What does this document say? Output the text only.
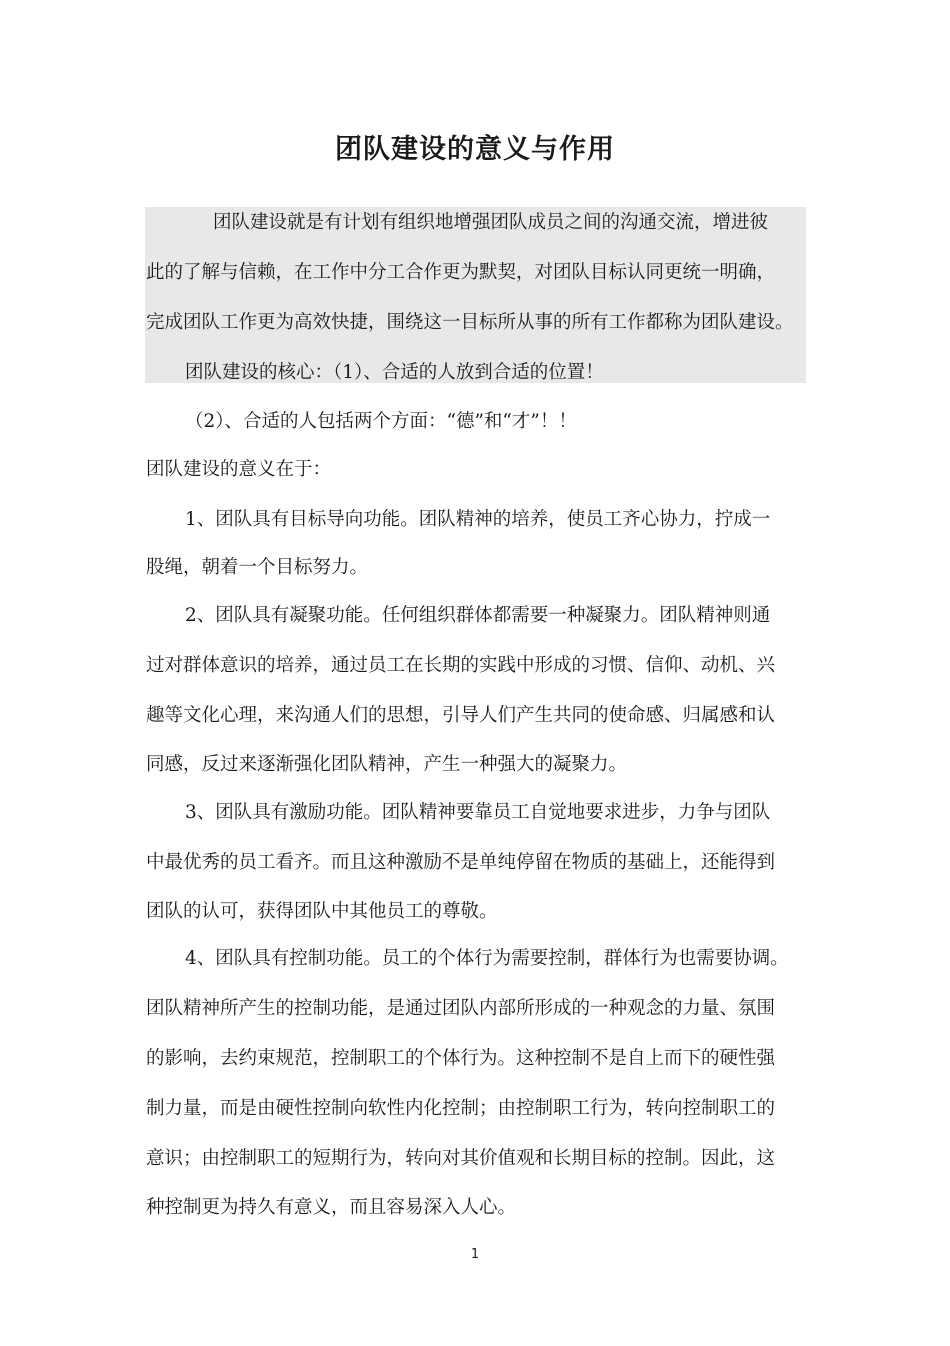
团队建设的意义与作用
团队建设就是有计划有组织地增强团队成员之间的沟通交流，增进彼
此的了解与信赖，在工作中分工合作更为默契，对团队目标认同更统一明确，
完成团队工作更为高效快捷，围绕这一目标所从事的所有工作都称为团队建设。
团队建设的核心：（1）、合适的人放到合适的位置！
（2）、合适的人包括两个方面：“德”和“才”！！
团队建设的意义在于：
1、团队具有目标导向功能。团队精神的培养，使员工齐心协力，拧成一
股绳，朝着一个目标努力。
2、团队具有凝聚功能。任何组织群体都需要一种凝聚力。团队精神则通
过对群体意识的培养，通过员工在长期的实践中形成的习惯、信仰、动机、兴
趣等文化心理，来沟通人们的思想，引导人们产生共同的使命感、归属感和认
同感，反过来逐渐强化团队精神，产生一种强大的凝聚力。
3、团队具有激励功能。团队精神要靠员工自觉地要求进步，力争与团队
中最优秀的员工看齐。而且这种激励不是单纯停留在物质的基础上，还能得到
团队的认可，获得团队中其他员工的尊敬。
4、团队具有控制功能。员工的个体行为需要控制，群体行为也需要协调。
团队精神所产生的控制功能，是通过团队内部所形成的一种观念的力量、氛围
的影响，去约束规范，控制职工的个体行为。这种控制不是自上而下的硬性强
制力量，而是由硬性控制向软性内化控制；由控制职工行为，转向控制职工的
意识；由控制职工的短期行为，转向对其价值观和长期目标的控制。因此，这
种控制更为持久有意义，而且容易深入人心。
1
